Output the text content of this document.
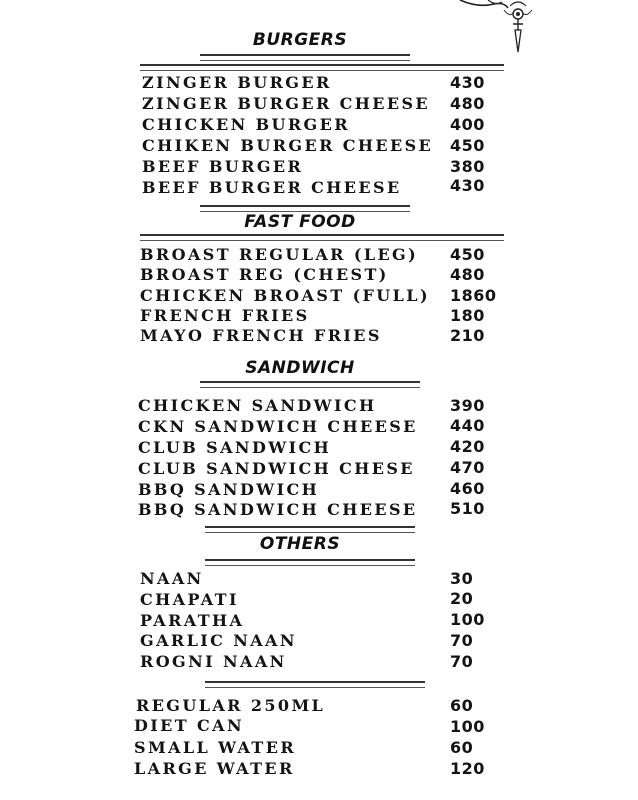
BURGERS
ZINGER BURGER	430
ZINGER BURGER CHEESE 480
CHICKEN BURGER	400
CHIKEN BURGER CHEESE 450
BEEF BURGER	380
BEEF BURGER CHEESE	430
FAST FOOD
BROAST REGULAR (LEG) 450
BROAST REG (CHEST)	480
CHICKEN BROAST (FULL) 1860
FRENCH FRIES	180
MAYO FRENCH FRIES	210
SANDWICH
CHICKEN SANDWICH	390
CKN SANDWICH CHEESE 440
CLUB SANDWICH	420
CLUB SANDWICH CHESE 470
BBQ SANDWICH	460
BBQ SANDWICH CHEESE 510
OTHERS
NAAN	30
CHAPATI	20
PARATHA	100
GARLIC NAAN	70
ROGNI NAAN	70
REGULAR 250ML	60
DIET CAN	100
SMALL WATER	60
LARGE WATER	120
